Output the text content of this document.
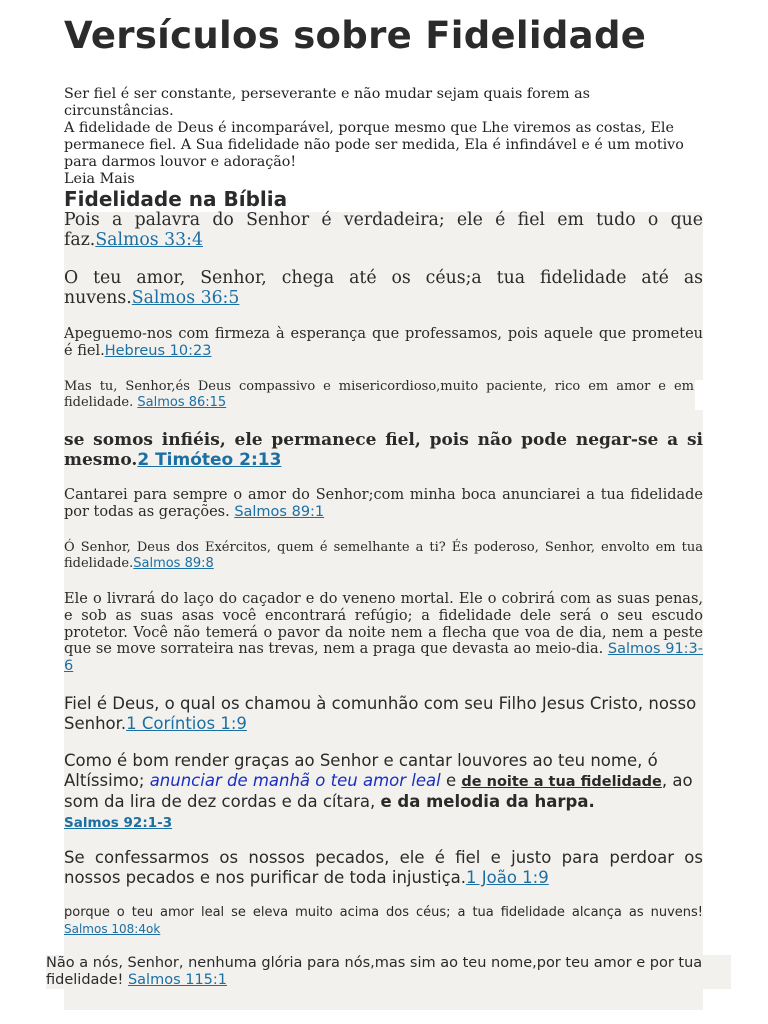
Versículos sobre Fidelidade

Ser fiel é ser constante, perseverante e não mudar sejam quais forem as circunstâncias.

A fidelidade de Deus é incomparável, porque mesmo que Lhe viremos as costas, Ele permanece fiel. A Sua fidelidade não pode ser medida, Ela é infindável e é um motivo para darmos louvor e adoração!

Leia Mais

Fidelidade na Bíblia

Pois a palavra do Senhor é verdadeira; ele é fiel em tudo o que faz.Salmos 33:4

O teu amor, Senhor, chega até os céus;a tua fidelidade até as nuvens.Salmos 36:5

Apeguemo-nos com firmeza à esperança que professamos, pois aquele que prometeu é fiel.Hebreus 10:23

Mas tu, Senhor,és Deus compassivo e misericordioso,muito paciente, rico em amor e em fidelidade. Salmos 86:15

se somos infiéis, ele permanece fiel, pois não pode negar-se a si mesmo.2 Timóteo 2:13

Cantarei para sempre o amor do Senhor;com minha boca anunciarei a tua fidelidade por todas as gerações. Salmos 89:1

Ó Senhor, Deus dos Exércitos, quem é semelhante a ti? És poderoso, Senhor, envolto em tua fidelidade.Salmos 89:8

Ele o livrará do laço do caçador e do veneno mortal. Ele o cobrirá com as suas penas, e sob as suas asas você encontrará refúgio; a fidelidade dele será o seu escudo protetor. Você não temerá o pavor da noite nem a flecha que voa de dia, nem a peste que se move sorrateira nas trevas, nem a praga que devasta ao meio-dia. Salmos 91:3-6

Fiel é Deus, o qual os chamou à comunhão com seu Filho Jesus Cristo, nosso Senhor.1 Coríntios 1:9

Como é bom render graças ao Senhor e cantar louvores ao teu nome, ó Altíssimo; anunciar de manhã o teu amor leal e de noite a tua fidelidade, ao som da lira de dez cordas e da cítara, e da melodia da harpa.
Salmos 92:1-3

Se confessarmos os nossos pecados, ele é fiel e justo para perdoar os nossos pecados e nos purificar de toda injustiça.1 João 1:9

porque o teu amor leal se eleva muito acima dos céus; a tua fidelidade alcança as nuvens! Salmos 108:4ok

Não a nós, Senhor, nenhuma glória para nós,mas sim ao teu nome,por teu amor e por tua fidelidade! Salmos 115:1
